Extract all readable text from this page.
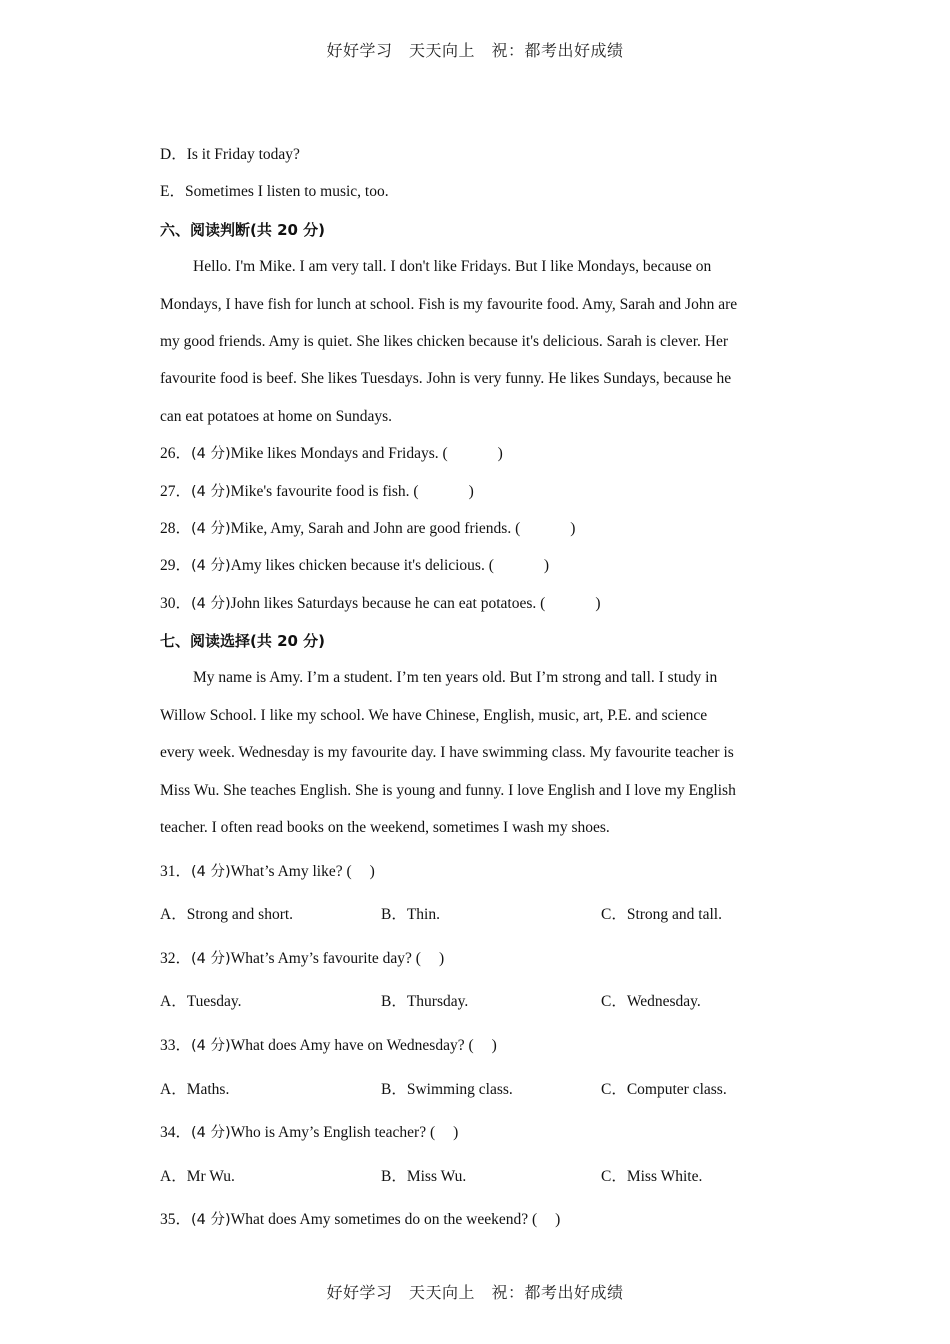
好好学习　天天向上　祝：都考出好成绩
D．Is it Friday today?
E．Sometimes I listen to music, too.
六、阅读判断(共 20 分)
Hello. I'm Mike. I am very tall. I don't like Fridays. But I like Mondays, because on
Mondays, I have fish for lunch at school. Fish is my favourite food. Amy, Sarah and John are
my good friends. Amy is quiet. She likes chicken because it's delicious. Sarah is clever. Her
favourite food is beef. She likes Tuesdays. John is very funny. He likes Sundays, because he
can eat potatoes at home on Sundays.
26．(4 分)Mike likes Mondays and Fridays. (	)
27．(4 分)Mike's favourite food is fish. (	)
28．(4 分)Mike, Amy, Sarah and John are good friends. (	)
29．(4 分)Amy likes chicken because it's delicious. (	)
30．(4 分)John likes Saturdays because he can eat potatoes. (	)
七、阅读选择(共 20 分)
My name is Amy. I’m a student. I’m ten years old. But I’m strong and tall. I study in
Willow School. I like my school. We have Chinese, English, music, art, P.E. and science
every week. Wednesday is my favourite day. I have swimming class. My favourite teacher is
Miss Wu. She teaches English. She is young and funny. I love English and I love my English
teacher. I often read books on the weekend, sometimes I wash my shoes.
31．(4 分)What’s Amy like? ( )
A．Strong and short.	B．Thin.	C．Strong and tall.
32．(4 分)What’s Amy’s favourite day? ( )
A．Tuesday.	B．Thursday.	C．Wednesday.
33．(4 分)What does Amy have on Wednesday? ( )
A．Maths.	B．Swimming class.	C．Computer class.
34．(4 分)Who is Amy’s English teacher? ( )
A．Mr Wu.	B．Miss Wu.	C．Miss White.
35．(4 分)What does Amy sometimes do on the weekend? ( )
好好学习　天天向上　祝：都考出好成绩
